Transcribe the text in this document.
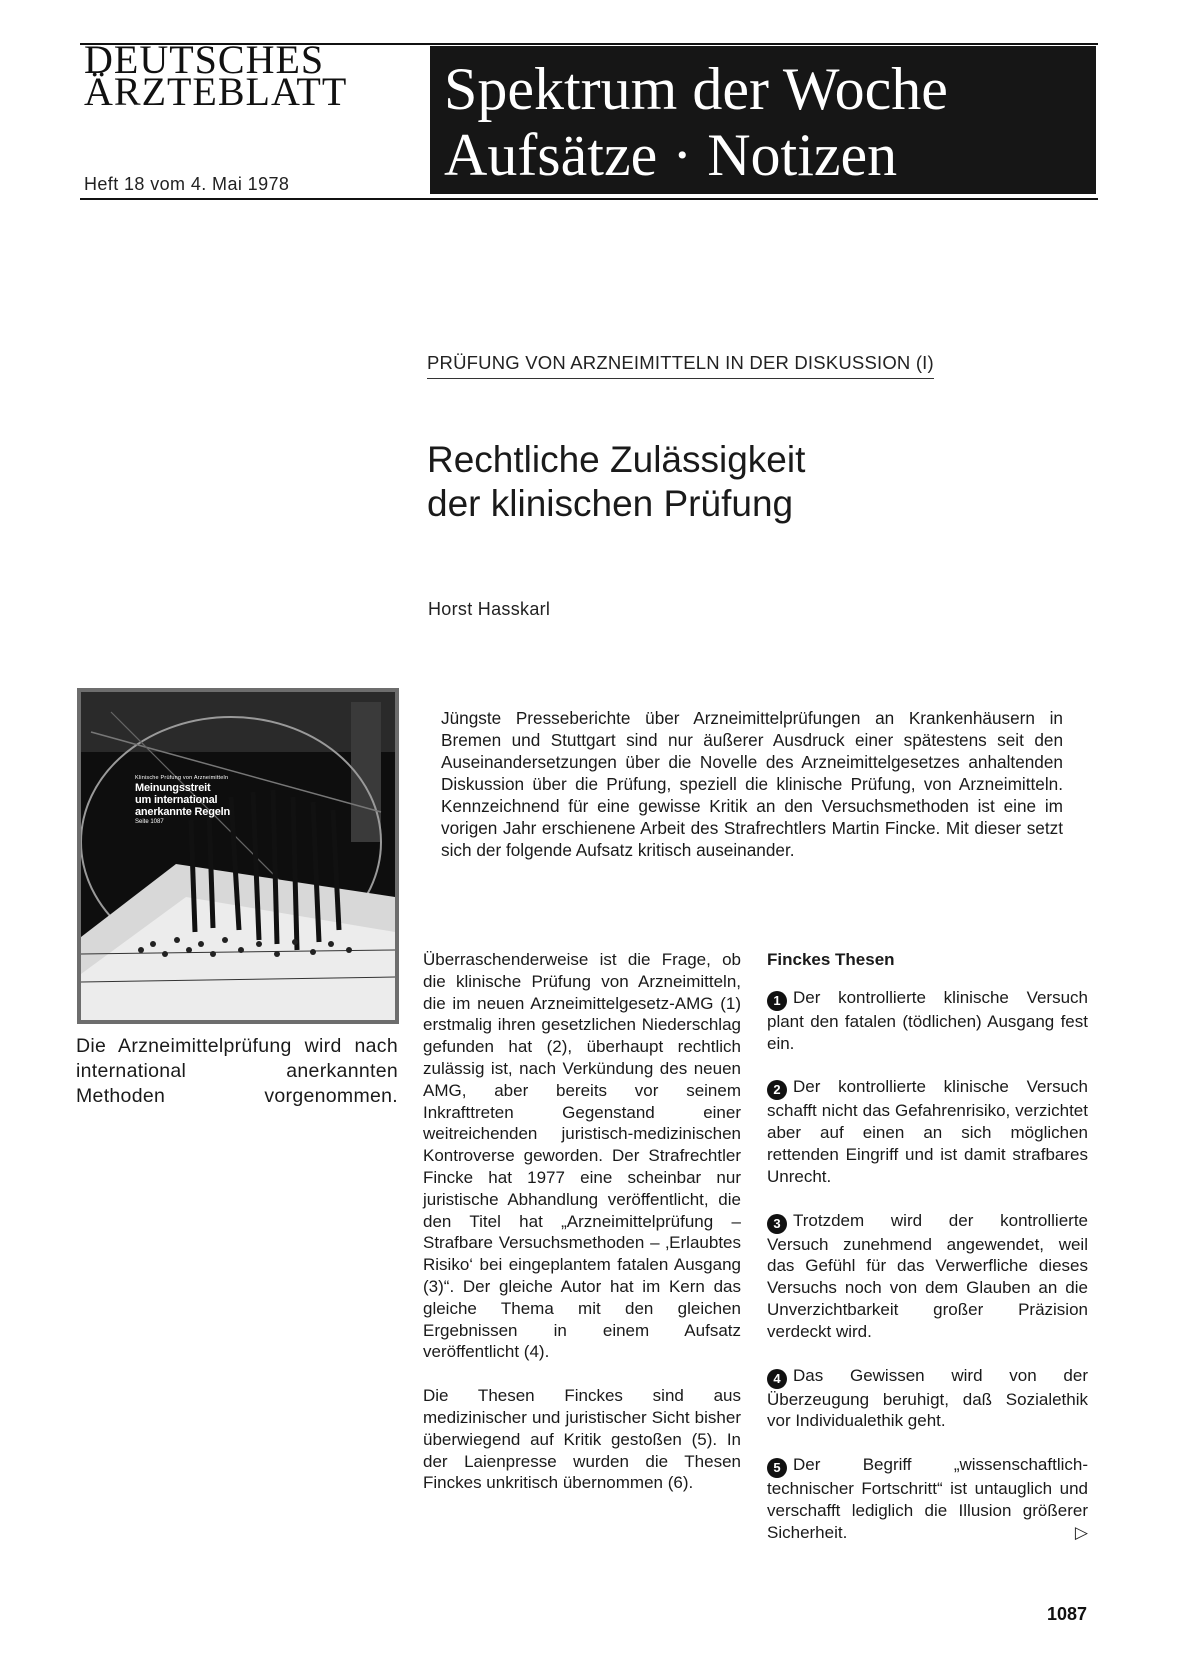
DEUTSCHES
ÄRZTEBLATT
Heft 18 vom 4. Mai 1978
Spektrum der Woche
Aufsätze · Notizen
PRÜFUNG VON ARZNEIMITTELN IN DER DISKUSSION (I)
Rechtliche Zulässigkeit
der klinischen Prüfung
Horst Hasskarl
Klinische Prüfung von Arzneimitteln
Meinungsstreit
um international
anerkannte Regeln
Seite 1087
Die Arzneimittelprüfung wird nach international anerkannten Methoden vorgenommen.
Jüngste Presseberichte über Arzneimittelprüfungen an Krankenhäusern in Bremen und Stuttgart sind nur äußerer Ausdruck einer spätestens seit den Auseinandersetzungen über die Novelle des Arzneimittelgesetzes anhaltenden Diskussion über die Prüfung, speziell die klinische Prüfung, von Arzneimitteln. Kennzeichnend für eine gewisse Kritik an den Versuchsmethoden ist eine im vorigen Jahr erschienene Arbeit des Strafrechtlers Martin Fincke. Mit dieser setzt sich der folgende Aufsatz kritisch auseinander.

Überraschenderweise ist die Frage, ob die klinische Prüfung von Arzneimitteln, die im neuen Arzneimittelgesetz-AMG (1) erstmalig ihren gesetzlichen Niederschlag gefunden hat (2), überhaupt rechtlich zulässig ist, nach Verkündung des neuen AMG, aber bereits vor seinem Inkrafttreten Gegenstand einer weitreichenden juristisch-medizinischen Kontroverse geworden. Der Strafrechtler Fincke hat 1977 eine scheinbar nur juristische Abhandlung veröffentlicht, die den Titel hat „Arzneimittelprüfung – Strafbare Versuchsmethoden – ‚Erlaubtes Risiko‘ bei eingeplantem fatalen Ausgang (3)“. Der gleiche Autor hat im Kern das gleiche Thema mit den gleichen Ergebnissen in einem Aufsatz veröffentlicht (4).

Die Thesen Finckes sind aus medizinischer und juristischer Sicht bisher überwiegend auf Kritik gestoßen (5). In der Laienpresse wurden die Thesen Finckes unkritisch übernommen (6).

Finckes Thesen
1 Der kontrollierte klinische Versuch plant den fatalen (tödlichen) Ausgang fest ein.
2 Der kontrollierte klinische Versuch schafft nicht das Gefahrenrisiko, verzichtet aber auf einen an sich möglichen rettenden Eingriff und ist damit strafbares Unrecht.
3 Trotzdem wird der kontrollierte Versuch zunehmend angewendet, weil das Gefühl für das Verwerfliche dieses Versuchs noch von dem Glauben an die Unverzichtbarkeit großer Präzision verdeckt wird.
4 Das Gewissen wird von der Überzeugung beruhigt, daß Sozialethik vor Individualethik geht.
5 Der Begriff „wissenschaftlich-technischer Fortschritt“ ist untauglich und verschafft lediglich die Illusion größerer Sicherheit.	▷
1087
